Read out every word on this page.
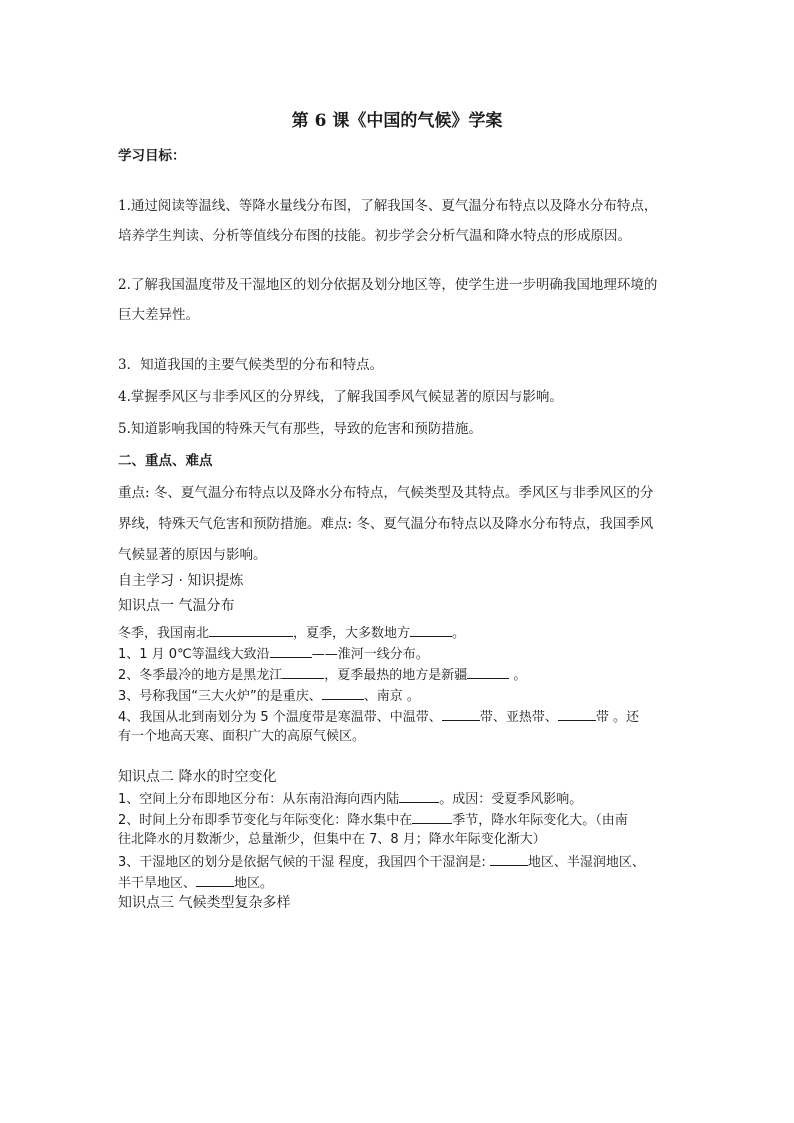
第 6 课《中国的气候》学案
学习目标：
1.通过阅读等温线、等降水量线分布图，了解我国冬、夏气温分布特点以及降水分布特点，
培养学生判读、分析等值线分布图的技能。初步学会分析气温和降水特点的形成原因。
2.了解我国温度带及干湿地区的划分依据及划分地区等，使学生进一步明确我国地理环境的
巨大差异性。
3．知道我国的主要气候类型的分布和特点。
4.掌握季风区与非季风区的分界线，了解我国季风气候显著的原因与影响。
5.知道影响我国的特殊天气有那些，导致的危害和预防措施。
二、重点、难点
重点: 冬、夏气温分布特点以及降水分布特点，气候类型及其特点。季风区与非季风区的分
界线，特殊天气危害和预防措施。难点: 冬、夏气温分布特点以及降水分布特点，我国季风
气候显著的原因与影响。
自主学习 · 知识提炼
知识点一 气温分布
冬季，我国南北	，夏季，大多数地方	。
1、1 月 0℃等温线大致沿	——淮河一线分布。
2、冬季最冷的地方是黑龙江	，夏季最热的地方是新疆	。
3、号称我国“三大火炉”的是重庆、	、南京 。
4、我国从北到南划分为 5 个温度带是寒温带、中温带、	带、亚热带、	带 。还
有一个地高天寒、面积广大的高原气候区。
知识点二 降水的时空变化
1、空间上分布即地区分布：从东南沿海向西内陆	。成因：受夏季风影响。
2、时间上分布即季节变化与年际变化：降水集中在	季节，降水年际变化大。（由南
往北降水的月数渐少，总量渐少，但集中在 7、8 月；降水年际变化渐大）
3、干湿地区的划分是依据气候的干湿 程度，我国四个干湿润是:	地区、半湿润地区、
半干旱地区、	地区。
知识点三 气候类型复杂多样
